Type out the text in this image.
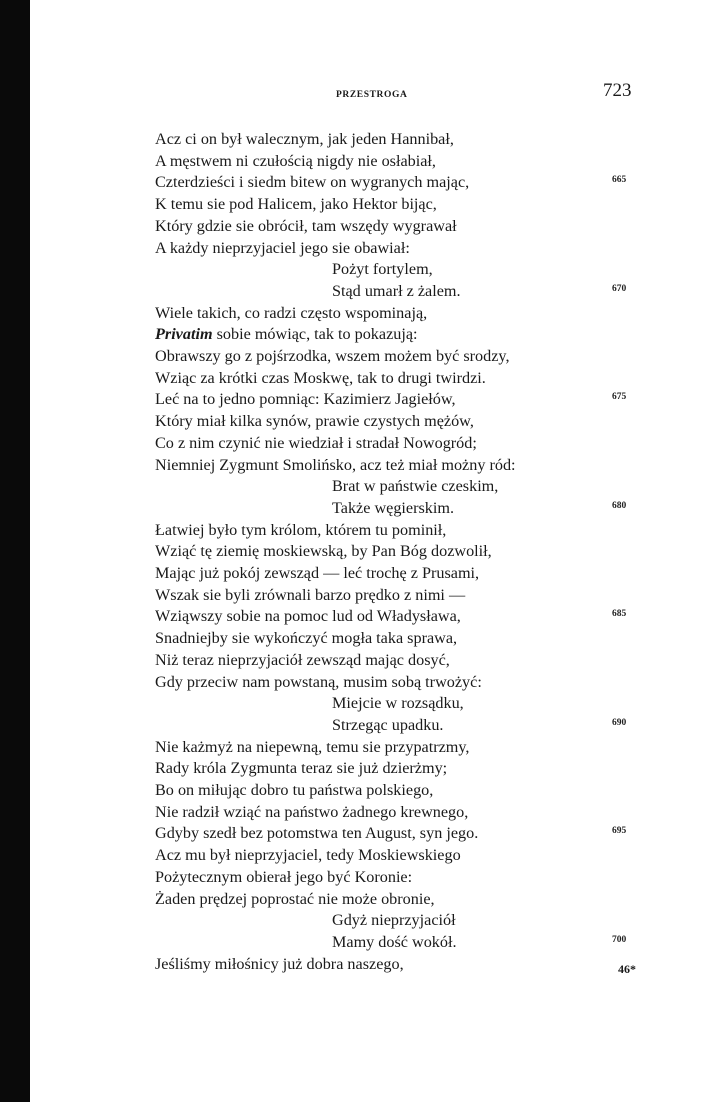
PRZESTROGA	723
Acz ci on był walecznym, jak jeden Hannibał,
A męstwem ni czułością nigdy nie osłabiał,
Czterdzieści i siedm bitew on wygranych mając,	665
K temu sie pod Halicem, jako Hektor bijąc,
Który gdzie sie obrócił, tam wszędy wygrawał
A każdy nieprzyjaciel jego sie obawiał:
Pożyt fortylem,
Stąd umarł z żalem.	670
Wiele takich, co radzi często wspominają,
Privatim sobie mówiąc, tak to pokazują:
Obrawszy go z pojśrzodka, wszem możem być srodzy,
Wziąc za krótki czas Moskwę, tak to drugi twirdzi.
Leć na to jedno pomniąc: Kazimierz Jagiełów,	675
Który miał kilka synów, prawie czystych mężów,
Co z nim czynić nie wiedział i stradał Nowogród;
Niemniej Zygmunt Smolińsko, acz też miał możny ród:
Brat w państwie czeskim,
Także węgierskim.	680
Łatwiej było tym królom, którem tu pominił,
Wziąć tę ziemię moskiewską, by Pan Bóg dozwolił,
Mając już pokój zewsząd — leć trochę z Prusami,
Wszak sie byli zrównali barzo prędko z nimi —
Wziąwszy sobie na pomoc lud od Władysława,	685
Snadniejby sie wykończyć mogła taka sprawa,
Niż teraz nieprzyjaciół zewsząd mając dosyć,
Gdy przeciw nam powstaną, musim sobą trwożyć:
Miejcie w rozsądku,
Strzegąc upadku.	690
Nie każmyż na niepewną, temu sie przypatrzmy,
Rady króla Zygmunta teraz sie już dzierżmy;
Bo on miłując dobro tu państwa polskiego,
Nie radził wziąć na państwo żadnego krewnego,
Gdyby szedł bez potomstwa ten August, syn jego.	695
Acz mu był nieprzyjaciel, tedy Moskiewskiego
Pożytecznym obierał jego być Koronie:
Żaden prędzej poprostać nie może obronie,
Gdyż nieprzyjaciół
Mamy dość wokół.	700
Jeśliśmy miłośnicy już dobra naszego,	46*
